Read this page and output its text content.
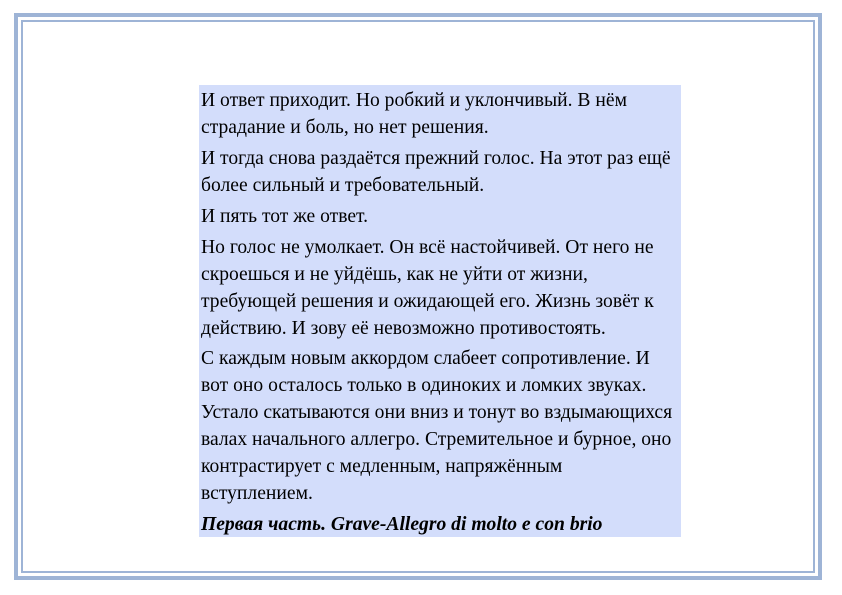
И ответ приходит. Но робкий и уклончивый. В нём страдание и боль, но нет решения.

И тогда снова раздаётся прежний голос. На этот раз ещё более сильный и требовательный.

И пять тот же ответ.

Но голос не умолкает. Он всё настойчивей. От него не скроешься и не уйдёшь, как не уйти от жизни, требующей решения и ожидающей его. Жизнь зовёт к действию. И зову её невозможно противостоять.

С каждым новым аккордом слабеет сопротивление. И вот оно осталось только в одиноких и ломких звуках. Устало скатываются они вниз и тонут во вздымающихся валах начального аллегро. Стремительное и бурное, оно контрастирует с медленным, напряжённым вступлением.

Первая часть. Grave-Allegro di molto e con brio
